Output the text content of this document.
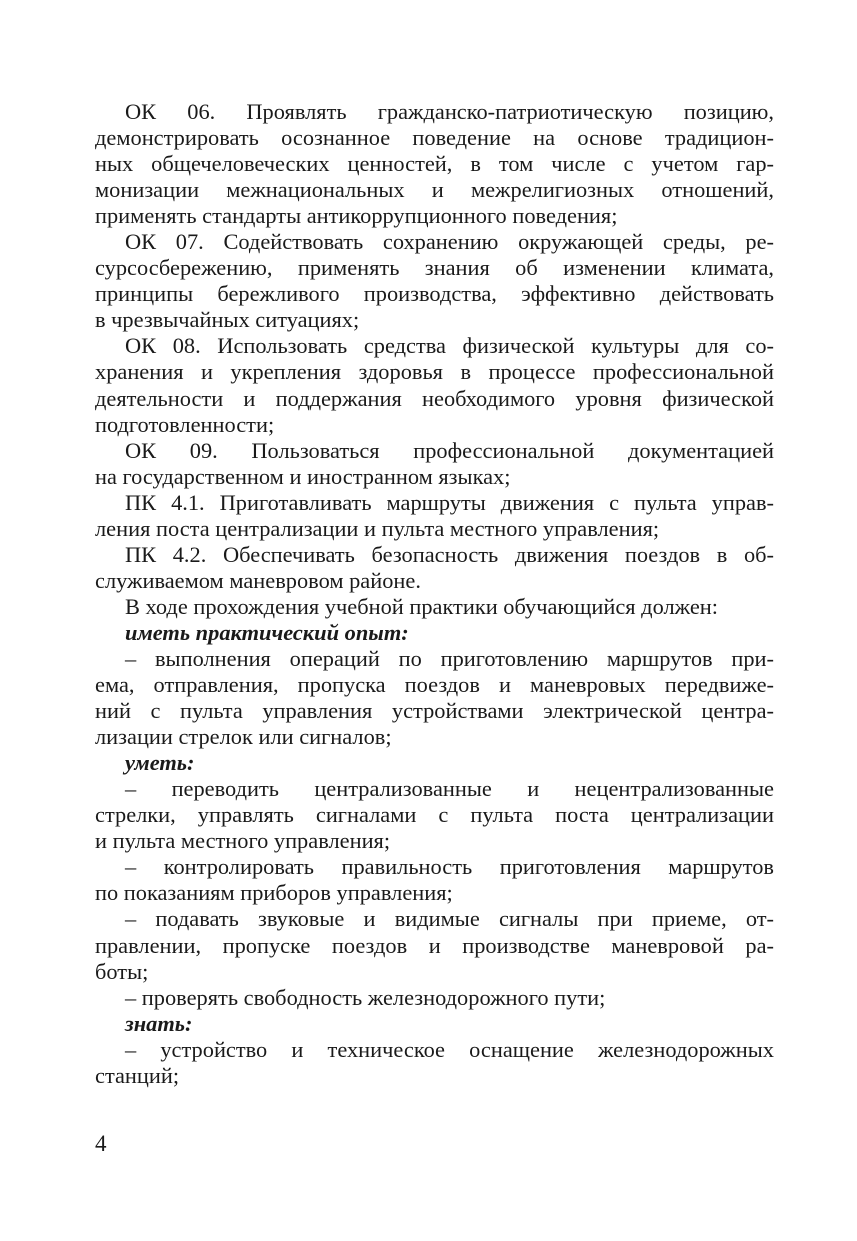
ОК 06. Проявлять гражданско-патриотическую позицию,
демонстрировать осознанное поведение на основе традицион-
ных общечеловеческих ценностей, в том числе с учетом гар-
монизации межнациональных и межрелигиозных отношений,
применять стандарты антикоррупционного поведения;
ОК 07. Содействовать сохранению окружающей среды, ре-
сурсосбережению, применять знания об изменении климата,
принципы бережливого производства, эффективно действовать
в чрезвычайных ситуациях;
ОК 08. Использовать средства физической культуры для со-
хранения и укрепления здоровья в процессе профессиональной
деятельности и поддержания необходимого уровня физической
подготовленности;
ОК 09. Пользоваться профессиональной документацией
на государственном и иностранном языках;
ПК 4.1. Приготавливать маршруты движения с пульта управ-
ления поста централизации и пульта местного управления;
ПК 4.2. Обеспечивать безопасность движения поездов в об-
служиваемом маневровом районе.
В ходе прохождения учебной практики обучающийся должен:
иметь практический опыт:
– выполнения операций по приготовлению маршрутов при-
ема, отправления, пропуска поездов и маневровых передвиже-
ний с пульта управления устройствами электрической центра-
лизации стрелок или сигналов;
уметь:
– переводить централизованные и нецентрализованные
стрелки, управлять сигналами с пульта поста централизации
и пульта местного управления;
– контролировать правильность приготовления маршрутов
по показаниям приборов управления;
– подавать звуковые и видимые сигналы при приеме, от-
правлении, пропуске поездов и производстве маневровой ра-
боты;
– проверять свободность железнодорожного пути;
знать:
– устройство и техническое оснащение железнодорожных
станций;
4
